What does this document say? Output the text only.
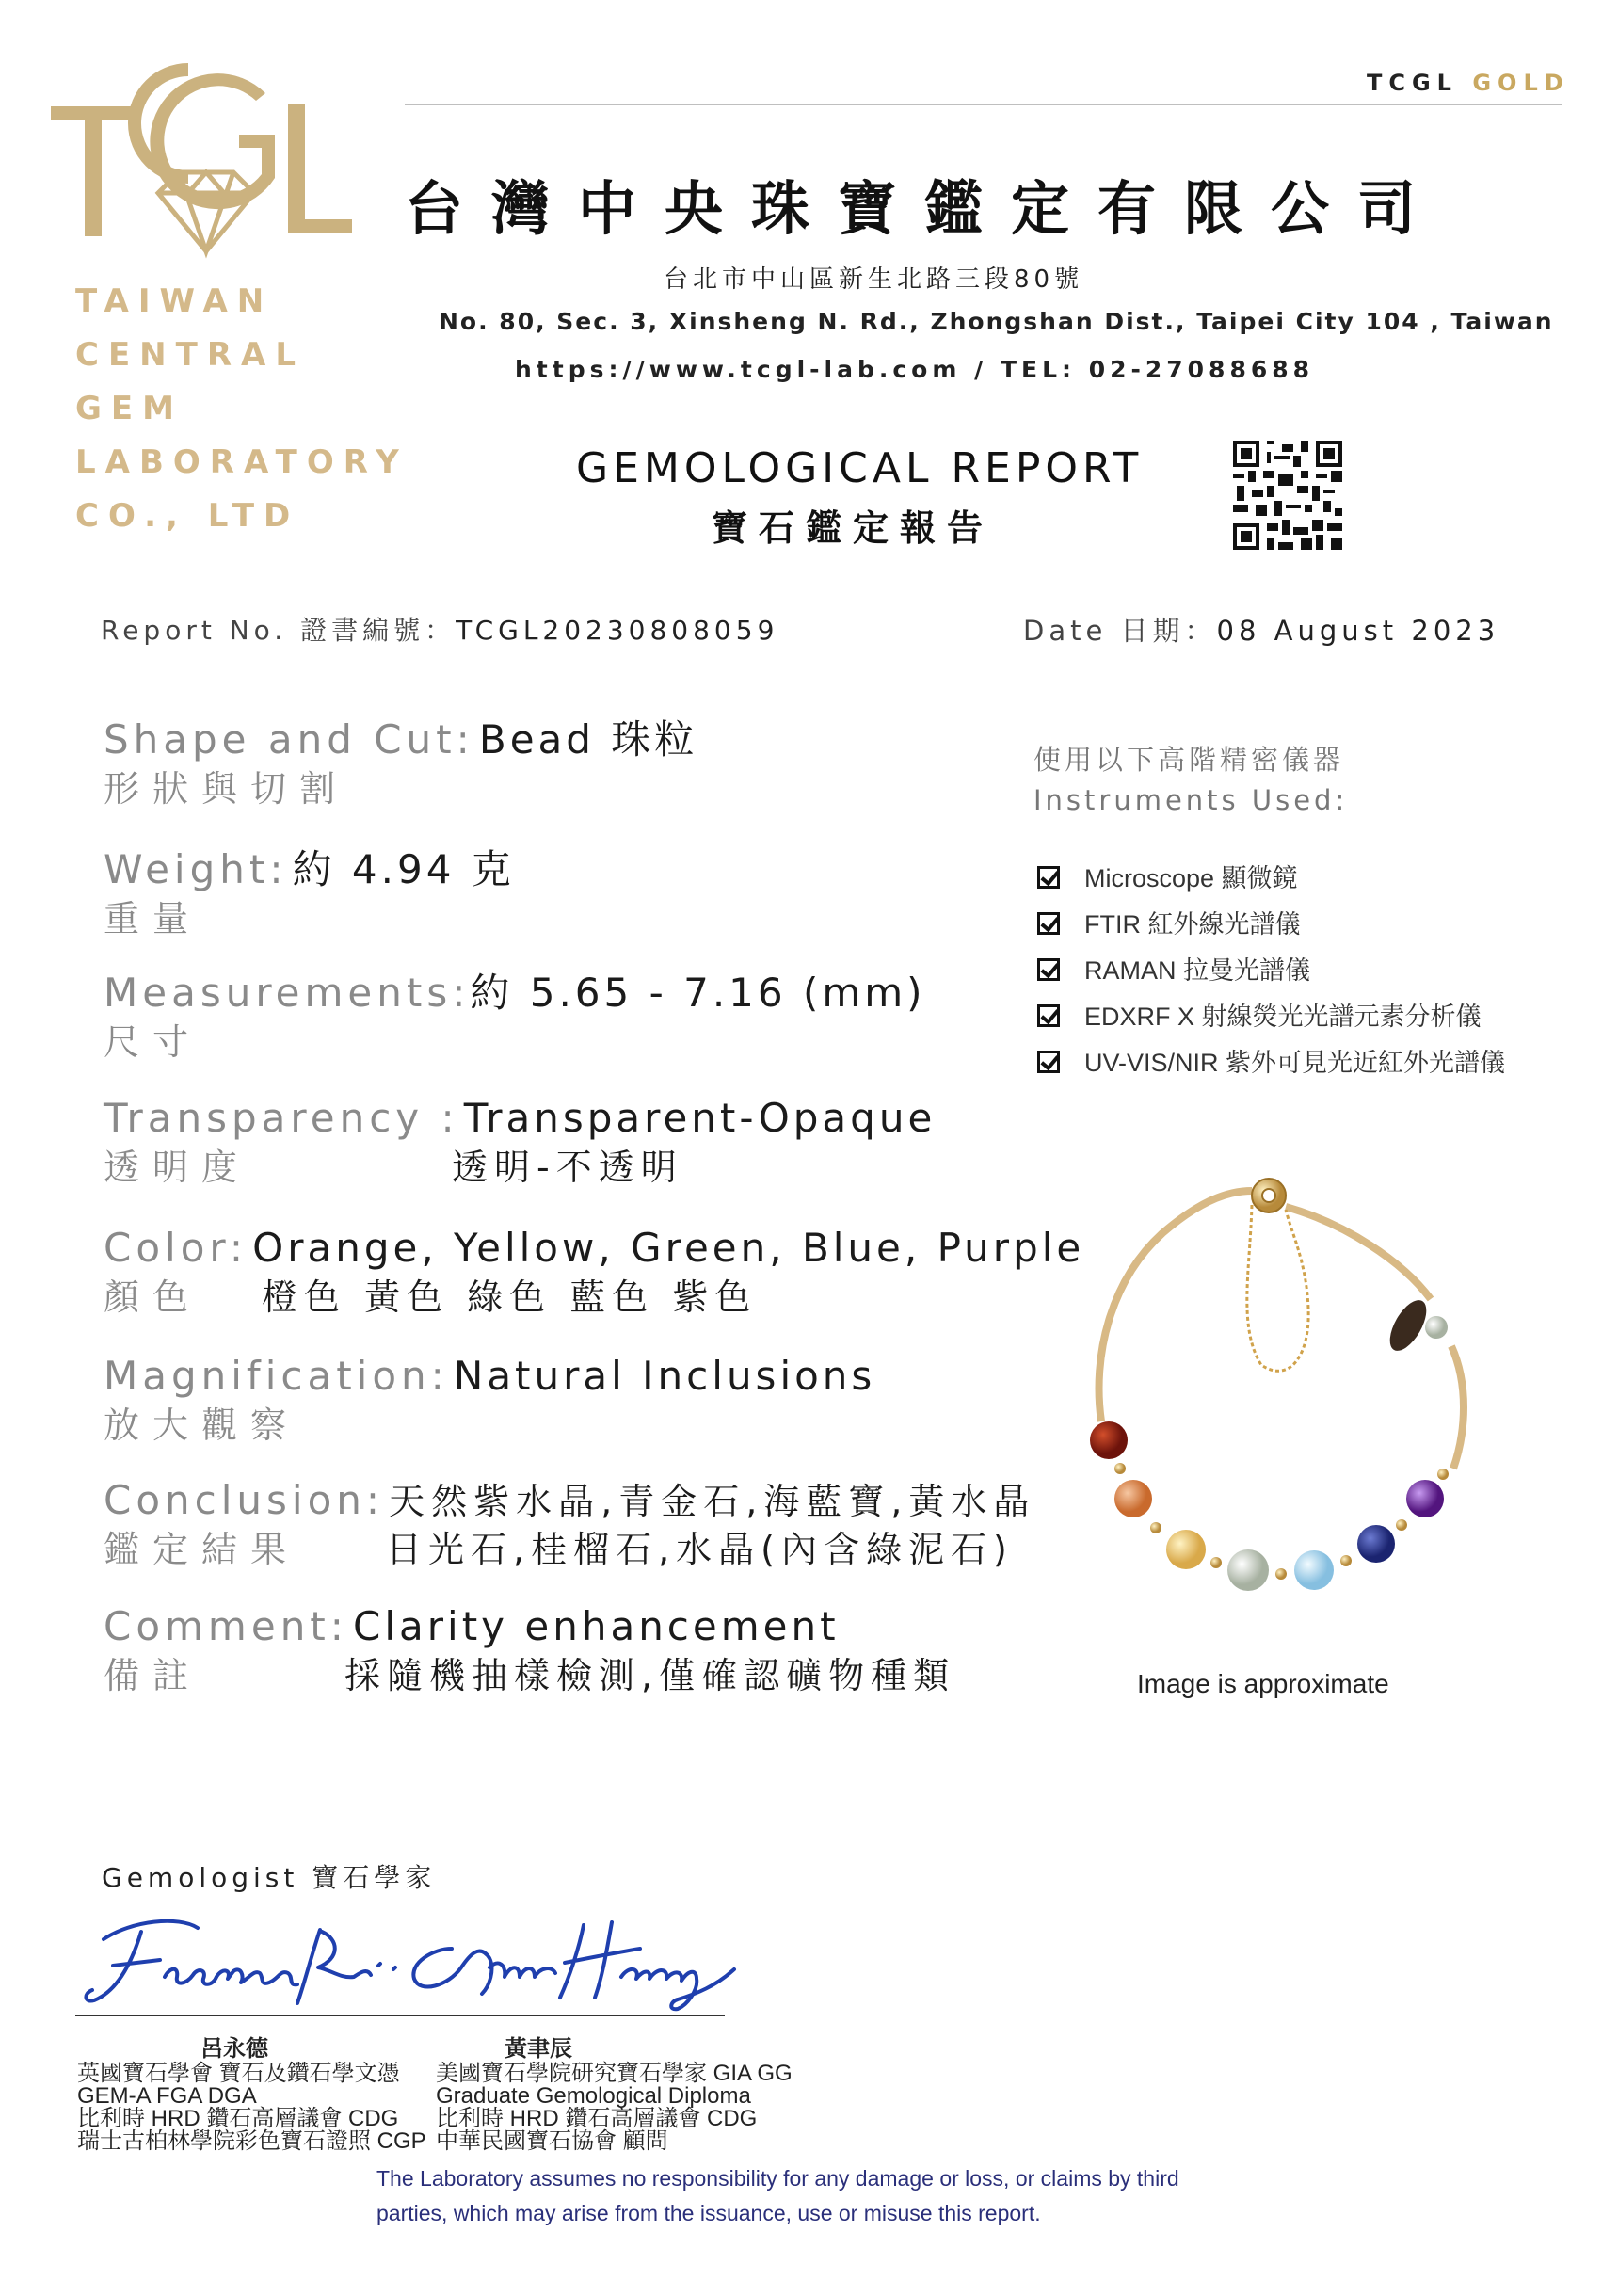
TAIWAN
CENTRAL
GEM
LABORATORY
CO., LTD
TCGL GOLD
台灣中央珠寶鑑定有限公司
台北市中山區新生北路三段80號
No. 80, Sec. 3, Xinsheng N. Rd., Zhongshan Dist., Taipei City 104 , Taiwan
https://www.tcgl-lab.com / TEL: 02-27088688
GEMOLOGICAL REPORT
寶石鑑定報告
Report No. 證書編號：TCGL20230808059	Date 日期：08 August 2023
Shape and Cut: Bead 珠粒
形狀與切割
Weight: 約 4.94 克
重量
Measurements:約 5.65 - 7.16 (mm)
尺寸
Transparency : Transparent-Opaque
透明度	透明-不透明
Color: Orange, Yellow, Green, Blue, Purple
顏色 橙色 黃色 綠色 藍色 紫色
Magnification: Natural Inclusions
放大觀察
Conclusion: 天然紫水晶,青金石,海藍寶,黃水晶
鑑定結果 日光石,桂榴石,水晶(內含綠泥石)
Comment: Clarity enhancement
備註	採隨機抽樣檢測,僅確認礦物種類
使用以下高階精密儀器
Instruments Used:
Microscope 顯微鏡
FTIR 紅外線光譜儀
RAMAN 拉曼光譜儀
EDXRF X 射線熒光光譜元素分析儀
UV-VIS/NIR 紫外可見光近紅外光譜儀
Image is approximate
Gemologist 寶石學家
呂永德	黃聿辰
英國寶石學會 寶石及鑽石學文憑
GEM-A FGA DGA
比利時 HRD 鑽石高層議會 CDG
瑞士古柏林學院彩色寶石證照 CGP
美國寶石學院研究寶石學家 GIA GG
Graduate Gemological Diploma
比利時 HRD 鑽石高層議會 CDG
中華民國寶石協會 顧問
The Laboratory assumes no responsibility for any damage or loss, or claims by third
parties, which may arise from the issuance, use or misuse this report.
